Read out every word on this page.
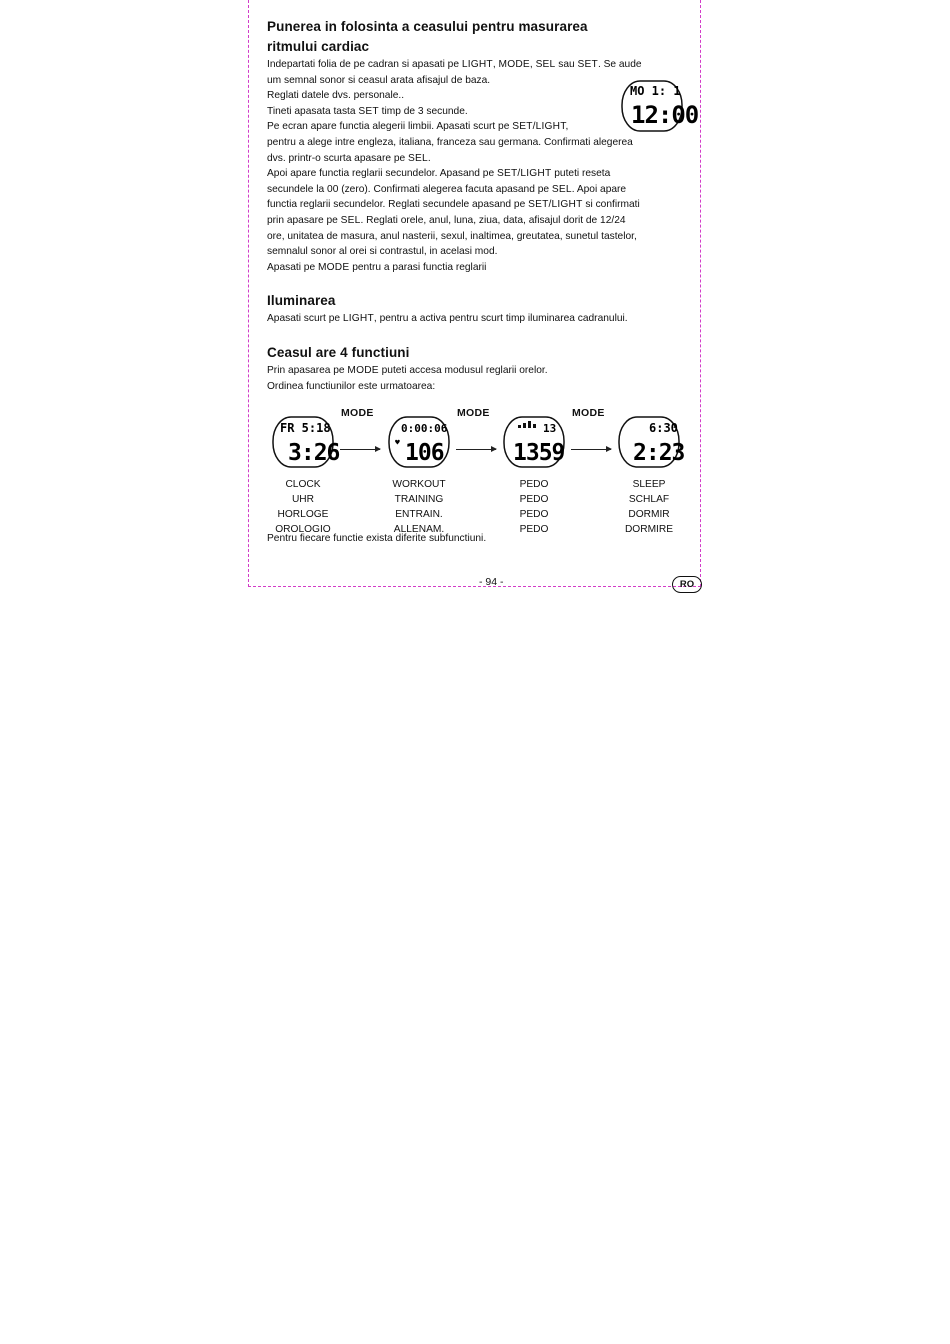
Punerea in folosinta a ceasului pentru masurarea
ritmului cardiac

Indepartati folia de pe cadran si apasati pe LIGHT, MODE, SEL sau SET. Se aude
um semnal sonor si ceasul arata afisajul de baza.

Reglati datele dvs. personale..

Tineti apasata tasta SET timp de 3 secunde.

Pe ecran apare functia alegerii limbii. Apasati scurt pe SET/LIGHT,
pentru a alege intre engleza, italiana, franceza sau germana. Confirmati alegerea
dvs. printr-o scurta apasare pe SEL.

Apoi apare functia reglarii secundelor. Apasand pe SET/LIGHT puteti reseta
secundele la 00 (zero). Confirmati alegerea facuta apasand pe SEL. Apoi apare
functia reglarii secundelor. Reglati secundele apasand pe SET/LIGHT si confirmati
prin apasare pe SEL. Reglati orele, anul, luna, ziua, data, afisajul dorit de 12/24
ore, unitatea de masura, anul nasterii, sexul, inaltimea, greutatea, sunetul tastelor,
semnalul sonor al orei si contrastul, in acelasi mod.

Apasati pe MODE pentru a parasi functia reglarii

MO 1: 1
12:00
Iluminarea

Apasati scurt pe LIGHT, pentru a activa pentru scurt timp iluminarea cadranului.

Ceasul are 4 functiuni

Prin apasarea pe MODE puteti accesa modusul reglarii orelor.

Ordinea functiunilor este urmatoarea:

MODE	MODE	MODE
FR 5:18
3:26
CLOCK
UHR
HORLOGE
OROLOGIO
0:00:06
♥ 106
WORKOUT
TRAINING
ENTRAIN.
ALLENAM.
13
1359
PEDO
PEDO
PEDO
PEDO
6:30
2:23
SLEEP
SCHLAF
DORMIR
DORMIRE
Pentru fiecare functie exista diferite subfunctiuni.
- 94 -	RO
